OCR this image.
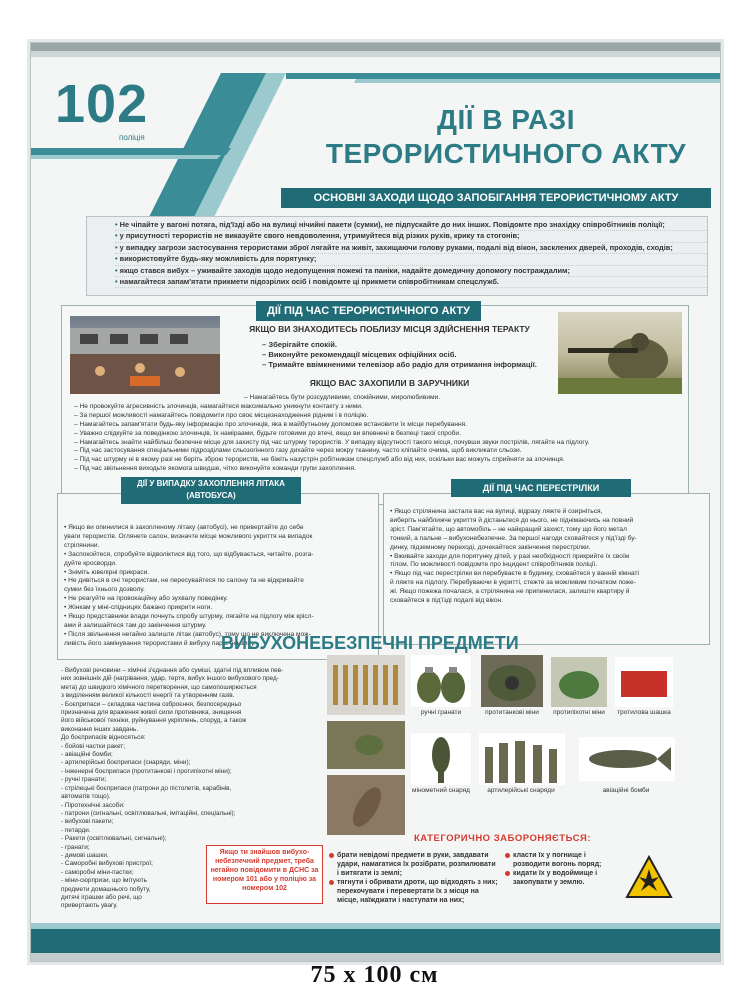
102
поліція
ДІЇ В РАЗІ
ТЕРОРИСТИЧНОГО АКТУ
ОСНОВНІ ЗАХОДИ ЩОДО ЗАПОБІГАННЯ ТЕРОРИСТИЧНОМУ АКТУ
• Не чіпайте у вагоні потяга, під'їзді або на вулиці нічийні пакети (сумки), не підпускайте до них інших. Повідомте про знахідку співробітників поліції;
• у присутності терористів не виказуйте свого невдоволення, утримуйтеся від різких рухів, крику та стогонів;
• у випадку загрози застосування терористами зброї лягайте на живіт, захищаючи голову руками, подалі від вікон, засклених дверей, проходів, сходів;
• використовуйте будь-яку можливість для порятунку;
• якщо стався вибух – уживайте заходів щодо недопущення пожежі та паніки, надайте домедичну допомогу постраждалим;
• намагайтеся запам'ятати прикмети підозрілих осіб і повідомте ці прикмети співробітникам спецслужб.
ЯКЩО ВИ ЗНАХОДИТЕСЬ ПОБЛИЗУ МІСЦЯ ЗДІЙСНЕННЯ ТЕРАКТУ
– Зберігайте спокій.
– Виконуйте рекомендації місцевих офіційних осіб.
– Тримайте ввімкненими телевізор або радіо для отримання інформації.
ЯКЩО ВАС ЗАХОПИЛИ В ЗАРУЧНИКИ
– Намагайтесь бути розсудливими, спокійними, миролюбивими.
– Не провокуйте агресивність злочинців, намагайтеся максимально уникнути контакту з ними.
– За першої можливості намагайтесь повідомити про своє місцезнаходження рідним і в поліцію.
– Намагайтесь запам'ятати будь-яку інформацію про злочинців, яка в майбутньому допоможе встановити їх місце перебування.
– Уважно слідкуйте за поведінкою злочинців, їх наміраами, будьте готовими до втечі, якщо ви впевнені в безпеці такої спроби.
– Намагайтесь знайти найбільш безпечне місце для захисту під час штурму терористів. У випадку відсутності такого місця, почувши звуки пострілів, лягайте на підлогу.
– Під час застосування спеціальними підрозділами сльозогінного газу дихайте через мокру тканину, часто кліпайте очима, щоб викликати сльози.
– Під час штурму ні в якому разі не беріть зброю терористів, не біжіть назустріч робітникам спецслужб або від них, оскільки вас можуть сприйняти за злочинця.
– Під час звільнення виходьте якомога швидше, чітко виконуйте команди групи захоплення.
ДІЇ ПІД ЧАС ТЕРОРИСТИЧНОГО АКТУ
• Якщо ви опинилися в захопленому літаку (автобусі), не привертайте до себе
уваги терористів. Оглянете салон, визначте місце можливого укриття на випадок
стрілянини.
• Заспокойтеся, спробуйте відволіктися від того, що відбувається, читайте, розга-
дуйте кросворди.
• Зніміть ювелірні прикраси.
• Не дивіться в очі терористам, не пересувайтеся по салону та не відкривайте
сумки без їхнього дозволу.
• Не реагуйте на провокаційну або зухвалу поведінку.
• Жінкам у міні-спідницях бажано прикрити ноги.
• Якщо представники влади почнуть спробу штурму, лягайте на підлогу між крісл-
ами й залишайтеся там до закінчення штурму.
• Після звільнення негайно залиште літак (автобус), тому що не виключена мож-
ливість його замінування терористами й вибуху парів бензину.
ДІЇ У ВИПАДКУ ЗАХОПЛЕННЯ ЛІТАКА (АВТОБУСА)
• Якщо стрілянина застала вас на вулиці, відразу ляжте й озирніться,
виберіть найближче укриття й дістаньтеся до нього, не піднімаючись на повний
зріст. Пам'ятайте, що автомобіль – не найкращий захист, тому що його метал
тонкий, а пальне – вибухонебезпечне. За першої нагоди сховайтеся у під'їзді бу-
динку, підземному переході, дочекайтеся закінчення перестрілки.
• Вживайте заходи для порятунку дітей, у разі необхідності прикрийте їх своїм
тілом. По можливості повідомте про інцидент співробітників поліції.
• Якщо під час перестрілки ви перебуваєте в будинку, сховайтеся у ванній кімнаті
й ляжте на підлогу. Перебуваючи в укритті, стежте за можливим початком поже-
жі. Якщо пожежа почалася, а стрілянина не припинилася, залиште квартиру й
сховайтеся в під'їзді подалі від вікон.
ДІЇ ПІД ЧАС ПЕРЕСТРІЛКИ
ВИБУХОНЕБЕЗПЕЧНІ ПРЕДМЕТИ
- Вибухові речовини – хімічні з'єднання або суміші, здатні під впливом пев-
них зовнішніх дій (нагрівання, удар, тертя, вибух іншого вибухового пред-
мета) до швидкого хімічного перетворення, що самопоширюється
з виділенням великої кількості енергії та утворенням газів.
- Боєприпаси – складова частина озброєння, безпосередньо
призначена для враження живої сили противника, знищення
його військової техніки, руйнування укріплень, споруд, а також
виконання інших завдань.
До боєприпасів відносяться:
- бойові частки ракет;
- авіаційні бомби;
- артилерійські боєприпаси (снаряди, міни);
- інженерні боєприпаси (протитанкові і протипіхотні міни);
- ручні гранати;
- стрілецькі боєприпаси (патрони до пістолетів, карабінів,
автоматів тощо).
- Піротехнічні засоби:
- патрони (сигнальні, освітлювальні, імітаційні, спеціальні);
- вибухові пакети;
- петарди.
- Ракети (освітлювальні, сигнальні);
- гранати;
- димові шашки.
- Саморобні вибухові пристрої;
- саморобні міни-пастки;
- міни-сюрпризи, що імітують
предмети домашнього побуту,
дитячі іграшки або речі, що
привертають увагу.
ручні гранати	протитанкові міни	протипіхотні міни	тротилова шашка
мінометний снаряд	артилерійські снаряди	авіаційні бомби
Якщо ти знайшов вибухо-небезпечний предмет, треба негайно повідомити в ДСНС за номером 101 або у поліцію за номером 102
КАТЕГОРИЧНО ЗАБОРОНЯЄТЬСЯ:
брати невідомі предмети в руки, завдавати удари, намагатися їх розібрати, розпилювати і витягати із землі;
тягнути і обривати дроти, що відходять з них; перекочувати і перевертати їх з місця на місце, наїжджати і наступати на них;
класти їх у погнище і розводити вогонь поряд;
кидати їх у водоймище і закопувати у землю.
75 x 100 см
